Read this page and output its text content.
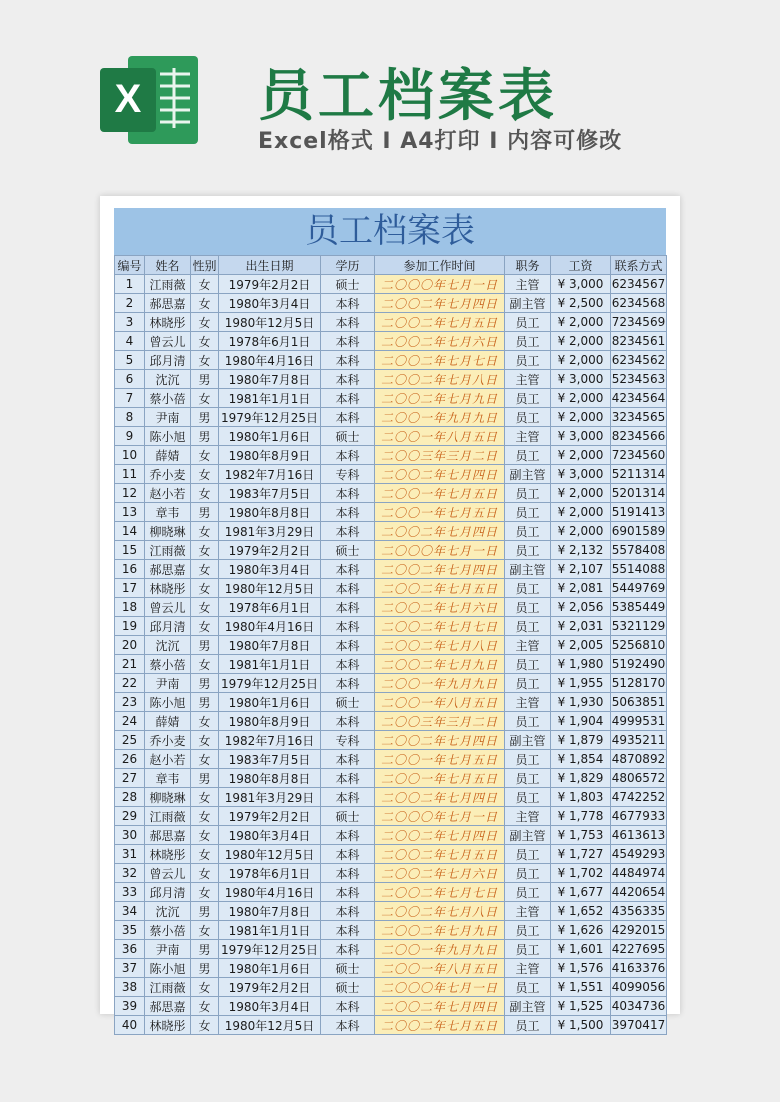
X 员工档案表
Excel格式 I A4打印 I 内容可修改
员工档案表
编号	姓名	性别	出生日期	学历	参加工作时间	职务	工资	联系方式
1	江雨薇	女	1979年2月2日	硕士	二〇〇〇年七月一日	主管	¥ 3,000	6234567
2	郝思嘉	女	1980年3月4日	本科	二〇〇二年七月四日	副主管	¥ 2,500	6234568
3	林晓彤	女	1980年12月5日	本科	二〇〇二年七月五日	员工	¥ 2,000	7234569
4	曾云儿	女	1978年6月1日	本科	二〇〇二年七月六日	员工	¥ 2,000	8234561
5	邱月清	女	1980年4月16日	本科	二〇〇二年七月七日	员工	¥ 2,000	6234562
6	沈沉	男	1980年7月8日	本科	二〇〇二年七月八日	主管	¥ 3,000	5234563
7	蔡小蓓	女	1981年1月1日	本科	二〇〇二年七月九日	员工	¥ 2,000	4234564
8	尹南	男	1979年12月25日	本科	二〇〇一年九月九日	员工	¥ 2,000	3234565
9	陈小旭	男	1980年1月6日	硕士	二〇〇一年八月五日	主管	¥ 3,000	8234566
10	薛婧	女	1980年8月9日	本科	二〇〇三年三月二日	员工	¥ 2,000	7234560
11	乔小麦	女	1982年7月16日	专科	二〇〇二年七月四日	副主管	¥ 3,000	5211314
12	赵小若	女	1983年7月5日	本科	二〇〇一年七月五日	员工	¥ 2,000	5201314
13	章韦	男	1980年8月8日	本科	二〇〇一年七月五日	员工	¥ 2,000	5191413
14	柳晓琳	女	1981年3月29日	本科	二〇〇二年七月四日	员工	¥ 2,000	6901589
15	江雨薇	女	1979年2月2日	硕士	二〇〇〇年七月一日	员工	¥ 2,132	5578408
16	郝思嘉	女	1980年3月4日	本科	二〇〇二年七月四日	副主管	¥ 2,107	5514088
17	林晓彤	女	1980年12月5日	本科	二〇〇二年七月五日	员工	¥ 2,081	5449769
18	曾云儿	女	1978年6月1日	本科	二〇〇二年七月六日	员工	¥ 2,056	5385449
19	邱月清	女	1980年4月16日	本科	二〇〇二年七月七日	员工	¥ 2,031	5321129
20	沈沉	男	1980年7月8日	本科	二〇〇二年七月八日	主管	¥ 2,005	5256810
21	蔡小蓓	女	1981年1月1日	本科	二〇〇二年七月九日	员工	¥ 1,980	5192490
22	尹南	男	1979年12月25日	本科	二〇〇一年九月九日	员工	¥ 1,955	5128170
23	陈小旭	男	1980年1月6日	硕士	二〇〇一年八月五日	主管	¥ 1,930	5063851
24	薛婧	女	1980年8月9日	本科	二〇〇三年三月二日	员工	¥ 1,904	4999531
25	乔小麦	女	1982年7月16日	专科	二〇〇二年七月四日	副主管	¥ 1,879	4935211
26	赵小若	女	1983年7月5日	本科	二〇〇一年七月五日	员工	¥ 1,854	4870892
27	章韦	男	1980年8月8日	本科	二〇〇一年七月五日	员工	¥ 1,829	4806572
28	柳晓琳	女	1981年3月29日	本科	二〇〇二年七月四日	员工	¥ 1,803	4742252
29	江雨薇	女	1979年2月2日	硕士	二〇〇〇年七月一日	主管	¥ 1,778	4677933
30	郝思嘉	女	1980年3月4日	本科	二〇〇二年七月四日	副主管	¥ 1,753	4613613
31	林晓彤	女	1980年12月5日	本科	二〇〇二年七月五日	员工	¥ 1,727	4549293
32	曾云儿	女	1978年6月1日	本科	二〇〇二年七月六日	员工	¥ 1,702	4484974
33	邱月清	女	1980年4月16日	本科	二〇〇二年七月七日	员工	¥ 1,677	4420654
34	沈沉	男	1980年7月8日	本科	二〇〇二年七月八日	主管	¥ 1,652	4356335
35	蔡小蓓	女	1981年1月1日	本科	二〇〇二年七月九日	员工	¥ 1,626	4292015
36	尹南	男	1979年12月25日	本科	二〇〇一年九月九日	员工	¥ 1,601	4227695
37	陈小旭	男	1980年1月6日	硕士	二〇〇一年八月五日	主管	¥ 1,576	4163376
38	江雨薇	女	1979年2月2日	硕士	二〇〇〇年七月一日	员工	¥ 1,551	4099056
39	郝思嘉	女	1980年3月4日	本科	二〇〇二年七月四日	副主管	¥ 1,525	4034736
40	林晓彤	女	1980年12月5日	本科	二〇〇二年七月五日	员工	¥ 1,500	3970417
